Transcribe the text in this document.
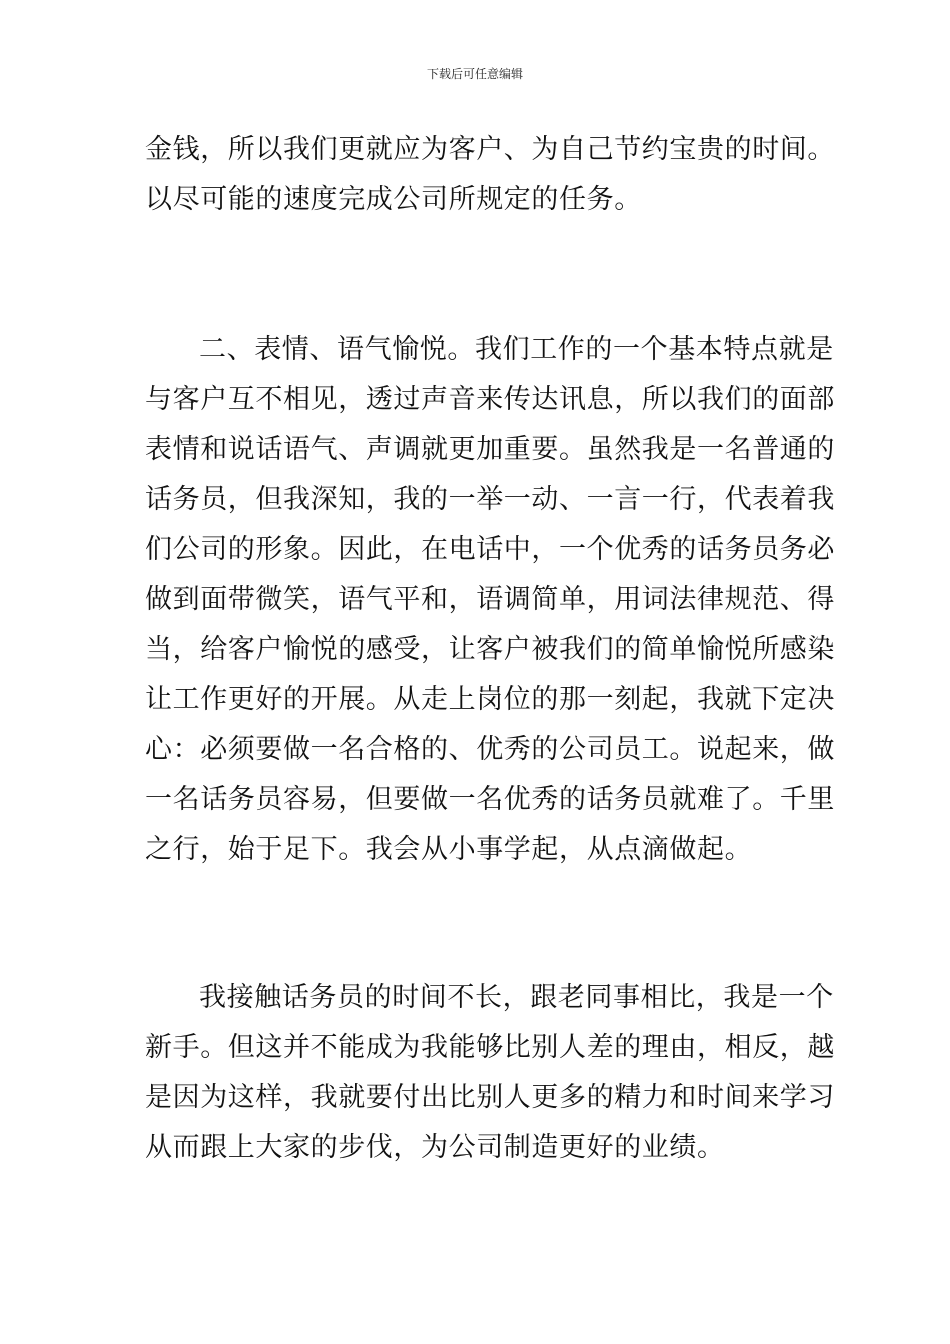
下载后可任意编辑
金钱，所以我们更就应为客户、为自己节约宝贵的时间。
以尽可能的速度完成公司所规定的任务。
二、表情、语气愉悦。我们工作的一个基本特点就是
与客户互不相见，透过声音来传达讯息，所以我们的面部
表情和说话语气、声调就更加重要。虽然我是一名普通的
话务员，但我深知，我的一举一动、一言一行，代表着我
们公司的形象。因此，在电话中，一个优秀的话务员务必
做到面带微笑，语气平和，语调简单，用词法律规范、得
当，给客户愉悦的感受，让客户被我们的简单愉悦所感染
让工作更好的开展。从走上岗位的那一刻起，我就下定决
心：必须要做一名合格的、优秀的公司员工。说起来，做
一名话务员容易，但要做一名优秀的话务员就难了。千里
之行，始于足下。我会从小事学起，从点滴做起。
我接触话务员的时间不长，跟老同事相比，我是一个
新手。但这并不能成为我能够比别人差的理由，相反，越
是因为这样，我就要付出比别人更多的精力和时间来学习
从而跟上大家的步伐，为公司制造更好的业绩。
